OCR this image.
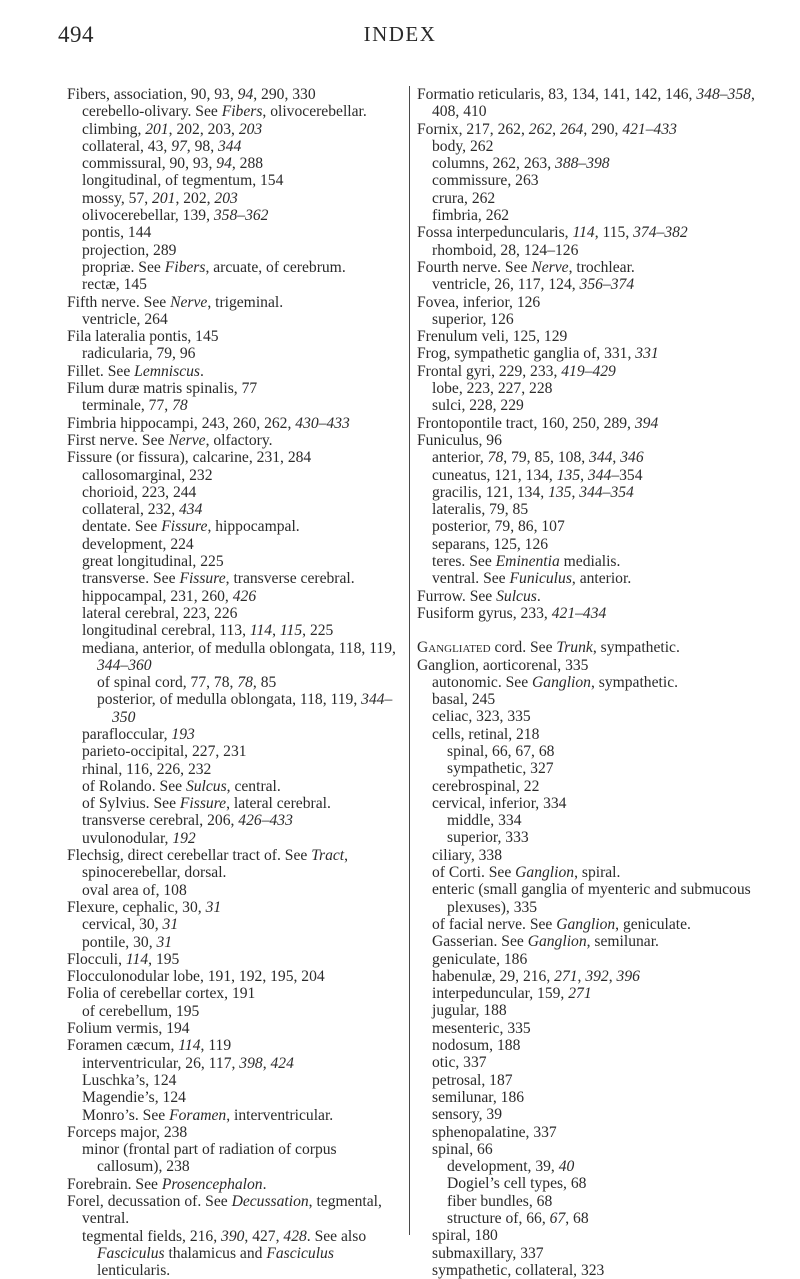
494	INDEX
Fibers, association, 90, 93, 94, 290, 330
cerebello-olivary. See Fibers, olivocerebellar.
climbing, 201, 202, 203, 203
collateral, 43, 97, 98, 344
commissural, 90, 93, 94, 288
longitudinal, of tegmentum, 154
mossy, 57, 201, 202, 203
olivocerebellar, 139, 358–362
pontis, 144
projection, 289
propriæ. See Fibers, arcuate, of cerebrum.
rectæ, 145
Fifth nerve. See Nerve, trigeminal.
ventricle, 264
Fila lateralia pontis, 145
radicularia, 79, 96
Fillet. See Lemniscus.
Filum duræ matris spinalis, 77
terminale, 77, 78
Fimbria hippocampi, 243, 260, 262, 430–433
First nerve. See Nerve, olfactory.
Fissure (or fissura), calcarine, 231, 284
callosomarginal, 232
chorioid, 223, 244
collateral, 232, 434
dentate. See Fissure, hippocampal.
development, 224
great longitudinal, 225
transverse. See Fissure, transverse cerebral.
hippocampal, 231, 260, 426
lateral cerebral, 223, 226
longitudinal cerebral, 113, 114, 115, 225
mediana, anterior, of medulla oblongata, 118, 119, 344–360
of spinal cord, 77, 78, 78, 85
posterior, of medulla oblongata, 118, 119, 344–350
parafloccular, 193
parieto-occipital, 227, 231
rhinal, 116, 226, 232
of Rolando. See Sulcus, central.
of Sylvius. See Fissure, lateral cerebral.
transverse cerebral, 206, 426–433
uvulonodular, 192
Flechsig, direct cerebellar tract of. See Tract, spinocerebellar, dorsal.
oval area of, 108
Flexure, cephalic, 30, 31
cervical, 30, 31
pontile, 30, 31
Flocculi, 114, 195
Flocculonodular lobe, 191, 192, 195, 204
Folia of cerebellar cortex, 191
of cerebellum, 195
Folium vermis, 194
Foramen cæcum, 114, 119
interventricular, 26, 117, 398, 424
Luschka’s, 124
Magendie’s, 124
Monro’s. See Foramen, interventricular.
Forceps major, 238
minor (frontal part of radiation of corpus callosum), 238
Forebrain. See Prosencephalon.
Forel, decussation of. See Decussation, tegmental, ventral.
tegmental fields, 216, 390, 427, 428. See also Fasciculus thalamicus and Fasciculus lenticularis.
Formatio reticularis, 83, 134, 141, 142, 146, 348–358, 408, 410
Fornix, 217, 262, 262, 264, 290, 421–433
body, 262
columns, 262, 263, 388–398
commissure, 263
crura, 262
fimbria, 262
Fossa interpeduncularis, 114, 115, 374–382
rhomboid, 28, 124–126
Fourth nerve. See Nerve, trochlear.
ventricle, 26, 117, 124, 356–374
Fovea, inferior, 126
superior, 126
Frenulum veli, 125, 129
Frog, sympathetic ganglia of, 331, 331
Frontal gyri, 229, 233, 419–429
lobe, 223, 227, 228
sulci, 228, 229
Frontopontile tract, 160, 250, 289, 394
Funiculus, 96
anterior, 78, 79, 85, 108, 344, 346
cuneatus, 121, 134, 135, 344–354
gracilis, 121, 134, 135, 344–354
lateralis, 79, 85
posterior, 79, 86, 107
separans, 125, 126
teres. See Eminentia medialis.
ventral. See Funiculus, anterior.
Furrow. See Sulcus.
Fusiform gyrus, 233, 421–434
Gangliated cord. See Trunk, sympathetic.
Ganglion, aorticorenal, 335
autonomic. See Ganglion, sympathetic.
basal, 245
celiac, 323, 335
cells, retinal, 218
spinal, 66, 67, 68
sympathetic, 327
cerebrospinal, 22
cervical, inferior, 334
middle, 334
superior, 333
ciliary, 338
of Corti. See Ganglion, spiral.
enteric (small ganglia of myenteric and submucous plexuses), 335
of facial nerve. See Ganglion, geniculate.
Gasserian. See Ganglion, semilunar.
geniculate, 186
habenulæ, 29, 216, 271, 392, 396
interpeduncular, 159, 271
jugular, 188
mesenteric, 335
nodosum, 188
otic, 337
petrosal, 187
semilunar, 186
sensory, 39
sphenopalatine, 337
spinal, 66
development, 39, 40
Dogiel’s cell types, 68
fiber bundles, 68
structure of, 66, 67, 68
spiral, 180
submaxillary, 337
sympathetic, collateral, 323
